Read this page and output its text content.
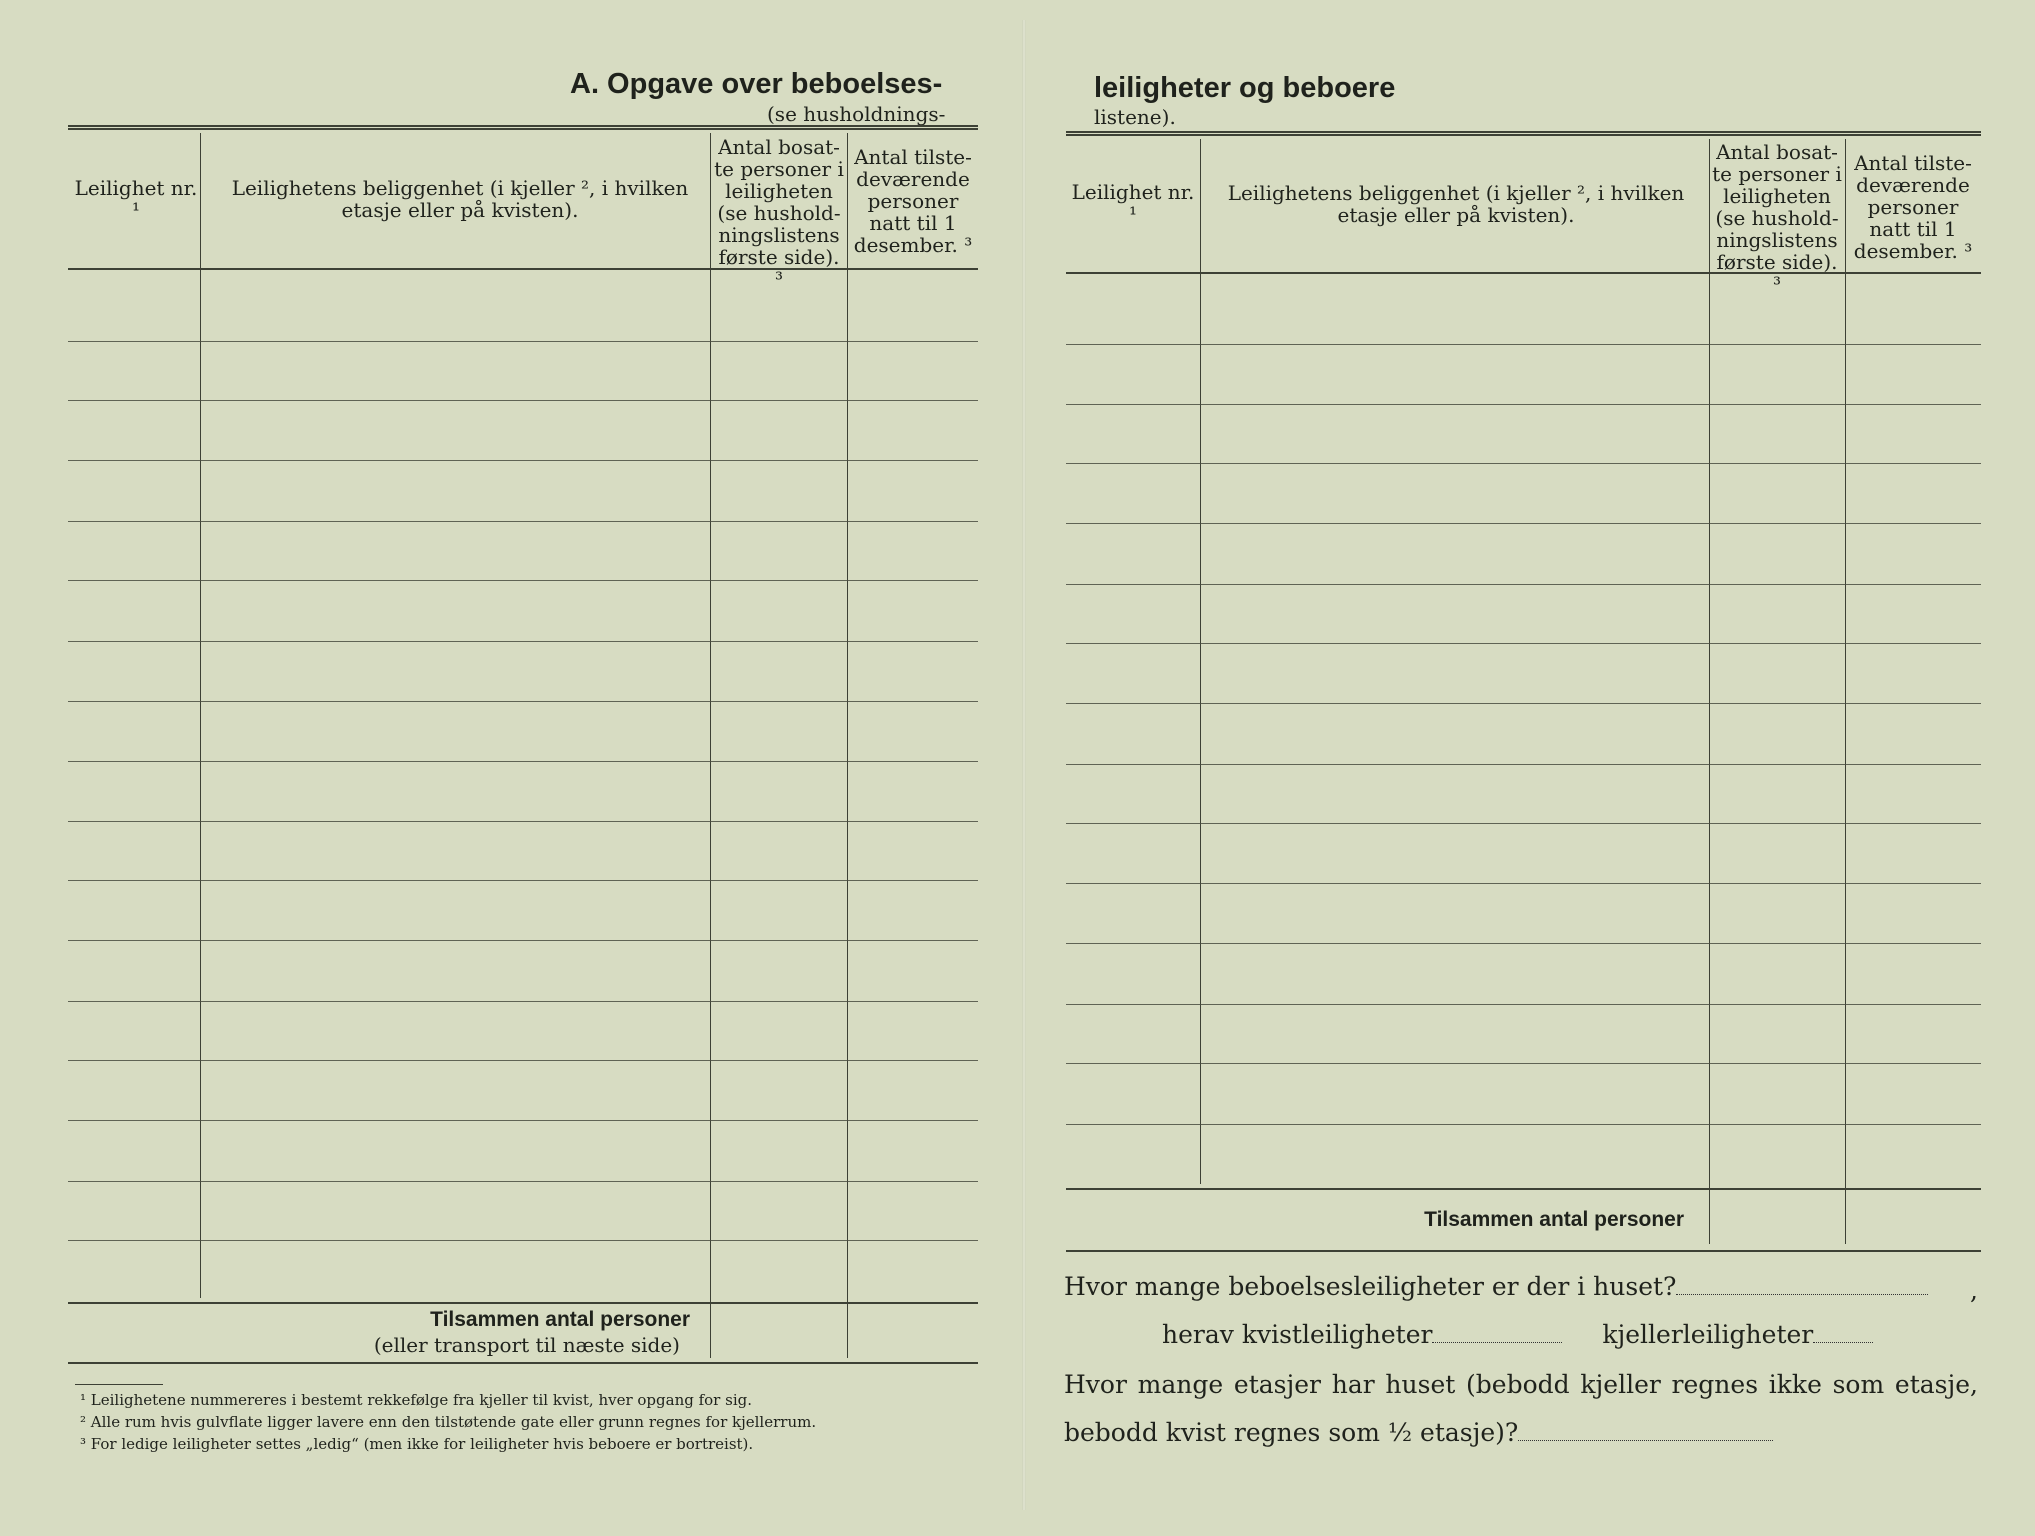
A. Opgave over beboelses-
(se husholdnings-
Leilighet nr. ¹
Leilighetens beliggenhet (i kjeller ², i hvilken etasje eller på kvisten).
Antal bosat-te personer i leiligheten (se hushold-ningslistens første side). ³
Antal tilste-deværende personer natt til 1 desember. ³
Tilsammen antal personer
(eller transport til næste side)
¹ Leilighetene nummereres i bestemt rekkefølge fra kjeller til kvist, hver opgang for sig.
² Alle rum hvis gulvflate ligger lavere enn den tilstøtende gate eller grunn regnes for kjellerrum.
³ For ledige leiligheter settes „ledig“ (men ikke for leiligheter hvis beboere er bortreist).
leiligheter og beboere
listene).
Leilighet nr. ¹
Leilighetens beliggenhet (i kjeller ², i hvilken etasje eller på kvisten).
Antal bosat-te personer i leiligheten (se hushold-ningslistens første side). ³
Antal tilste-deværende personer natt til 1 desember. ³
Tilsammen antal personer
Hvor mange beboelsesleiligheter er der i huset?	,
herav kvistleiligheter	kjellerleiligheter
Hvor mange etasjer har huset (bebodd kjeller regnes ikke som etasje,
bebodd kvist regnes som ½ etasje)?
